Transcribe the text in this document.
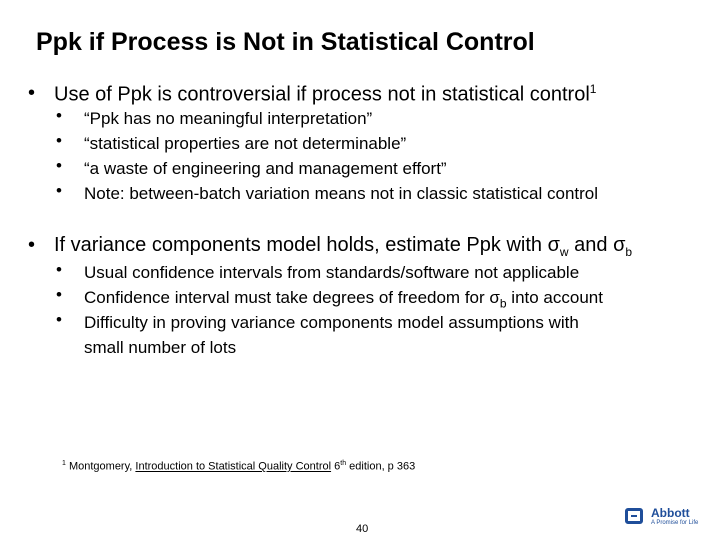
Ppk if Process is Not in Statistical Control
• Use of Ppk is controversial if process not in statistical control$^1$
• “Ppk has no meaningful interpretation”
• “statistical properties are not determinable”
• “a waste of engineering and management effort”
• Note: between-batch variation means not in classic statistical control
• If variance components model holds, estimate Ppk with $\sigma_w$ and $\sigma_b$
• Usual confidence intervals from standards/software not applicable
• Confidence interval must take degrees of freedom for $\sigma_b$ into account
• Difficulty in proving variance components model assumptions with
small number of lots
$^1$ Montgomery, Introduction to Statistical Quality Control 6th edition, p 363
40
Abbott
A Promise for Life
